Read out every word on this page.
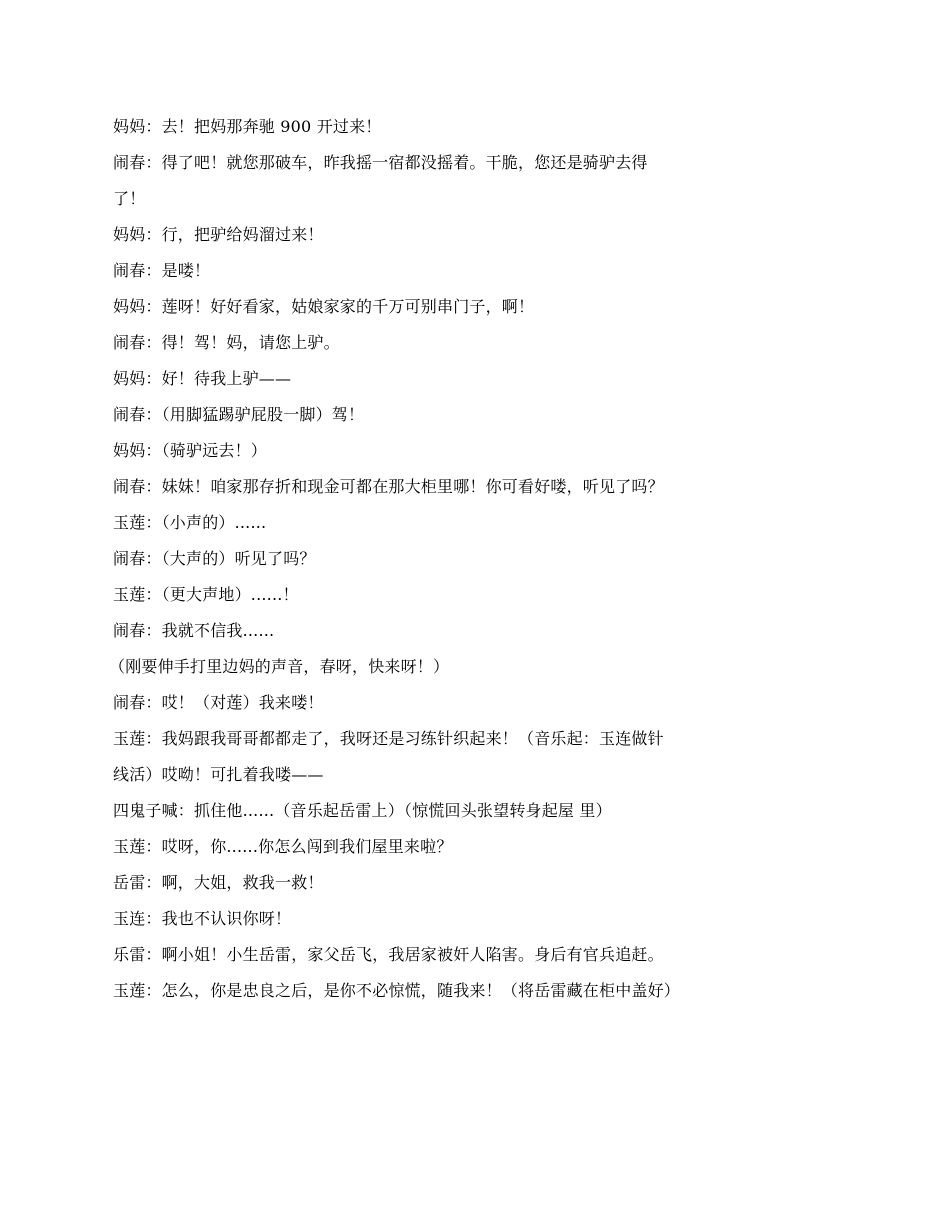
妈妈：去！把妈那奔驰 900 开过来！
闹春：得了吧！就您那破车，昨我摇一宿都没摇着。干脆，您还是骑驴去得
了！
妈妈：行，把驴给妈溜过来！
闹春：是喽！
妈妈：莲呀！好好看家，姑娘家家的千万可别串门子，啊！
闹春：得！驾！妈，请您上驴。
妈妈：好！待我上驴——
闹春：（用脚猛踢驴屁股一脚）驾！
妈妈：（骑驴远去！）
闹春：妹妹！咱家那存折和现金可都在那大柜里哪！你可看好喽，听见了吗？
玉莲：（小声的）......
闹春：（大声的）听见了吗？
玉莲：（更大声地）......！
闹春：我就不信我......
（刚要伸手打里边妈的声音，春呀，快来呀！）
闹春：哎！（对莲）我来喽！
玉莲：我妈跟我哥哥都都走了，我呀还是习练针织起来！（音乐起：玉连做针
线活）哎呦！可扎着我喽——
四鬼子喊：抓住他......（音乐起岳雷上）（惊慌回头张望转身起屋 里）
玉莲：哎呀，你......你怎么闯到我们屋里来啦？
岳雷：啊，大姐，救我一救！
玉连：我也不认识你呀！
乐雷：啊小姐！小生岳雷，家父岳飞，我居家被奸人陷害。身后有官兵追赶。
玉莲：怎么，你是忠良之后，是你不必惊慌，随我来！（将岳雷藏在柜中盖好）
